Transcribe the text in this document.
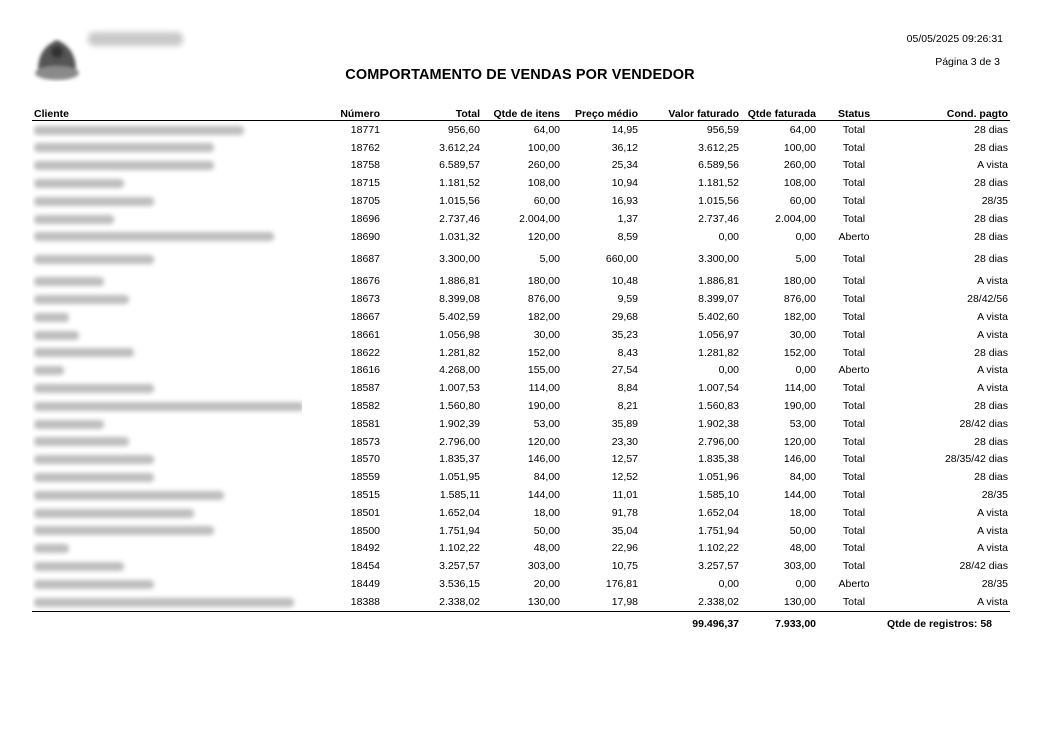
05/05/2025 09:26:31
Página 3 de 3
COMPORTAMENTO DE VENDAS POR VENDEDOR
Cliente	Número	Total	Qtde de itens	Preço médio	Valor faturado	Qtde faturada	Status	Cond. pagto
	18771	956,60	64,00	14,95	956,59	64,00	Total	28 dias
	18762	3.612,24	100,00	36,12	3.612,25	100,00	Total	28 dias
	18758	6.589,57	260,00	25,34	6.589,56	260,00	Total	A vista
	18715	1.181,52	108,00	10,94	1.181,52	108,00	Total	28 dias
	18705	1.015,56	60,00	16,93	1.015,56	60,00	Total	28/35
	18696	2.737,46	2.004,00	1,37	2.737,46	2.004,00	Total	28 dias
	18690	1.031,32	120,00	8,59	0,00	0,00	Aberto	28 dias
	18687	3.300,00	5,00	660,00	3.300,00	5,00	Total	28 dias
	18676	1.886,81	180,00	10,48	1.886,81	180,00	Total	A vista
	18673	8.399,08	876,00	9,59	8.399,07	876,00	Total	28/42/56
	18667	5.402,59	182,00	29,68	5.402,60	182,00	Total	A vista
	18661	1.056,98	30,00	35,23	1.056,97	30,00	Total	A vista
	18622	1.281,82	152,00	8,43	1.281,82	152,00	Total	28 dias
	18616	4.268,00	155,00	27,54	0,00	0,00	Aberto	A vista
	18587	1.007,53	114,00	8,84	1.007,54	114,00	Total	A vista
	18582	1.560,80	190,00	8,21	1.560,83	190,00	Total	28 dias
	18581	1.902,39	53,00	35,89	1.902,38	53,00	Total	28/42 dias
	18573	2.796,00	120,00	23,30	2.796,00	120,00	Total	28 dias
	18570	1.835,37	146,00	12,57	1.835,38	146,00	Total	28/35/42 dias
	18559	1.051,95	84,00	12,52	1.051,96	84,00	Total	28 dias
	18515	1.585,11	144,00	11,01	1.585,10	144,00	Total	28/35
	18501	1.652,04	18,00	91,78	1.652,04	18,00	Total	A vista
	18500	1.751,94	50,00	35,04	1.751,94	50,00	Total	A vista
	18492	1.102,22	48,00	22,96	1.102,22	48,00	Total	A vista
	18454	3.257,57	303,00	10,75	3.257,57	303,00	Total	28/42 dias
	18449	3.536,15	20,00	176,81	0,00	0,00	Aberto	28/35
	18388	2.338,02	130,00	17,98	2.338,02	130,00	Total	A vista
					99.496,37	7.933,00	Qtde de registros: 58	
